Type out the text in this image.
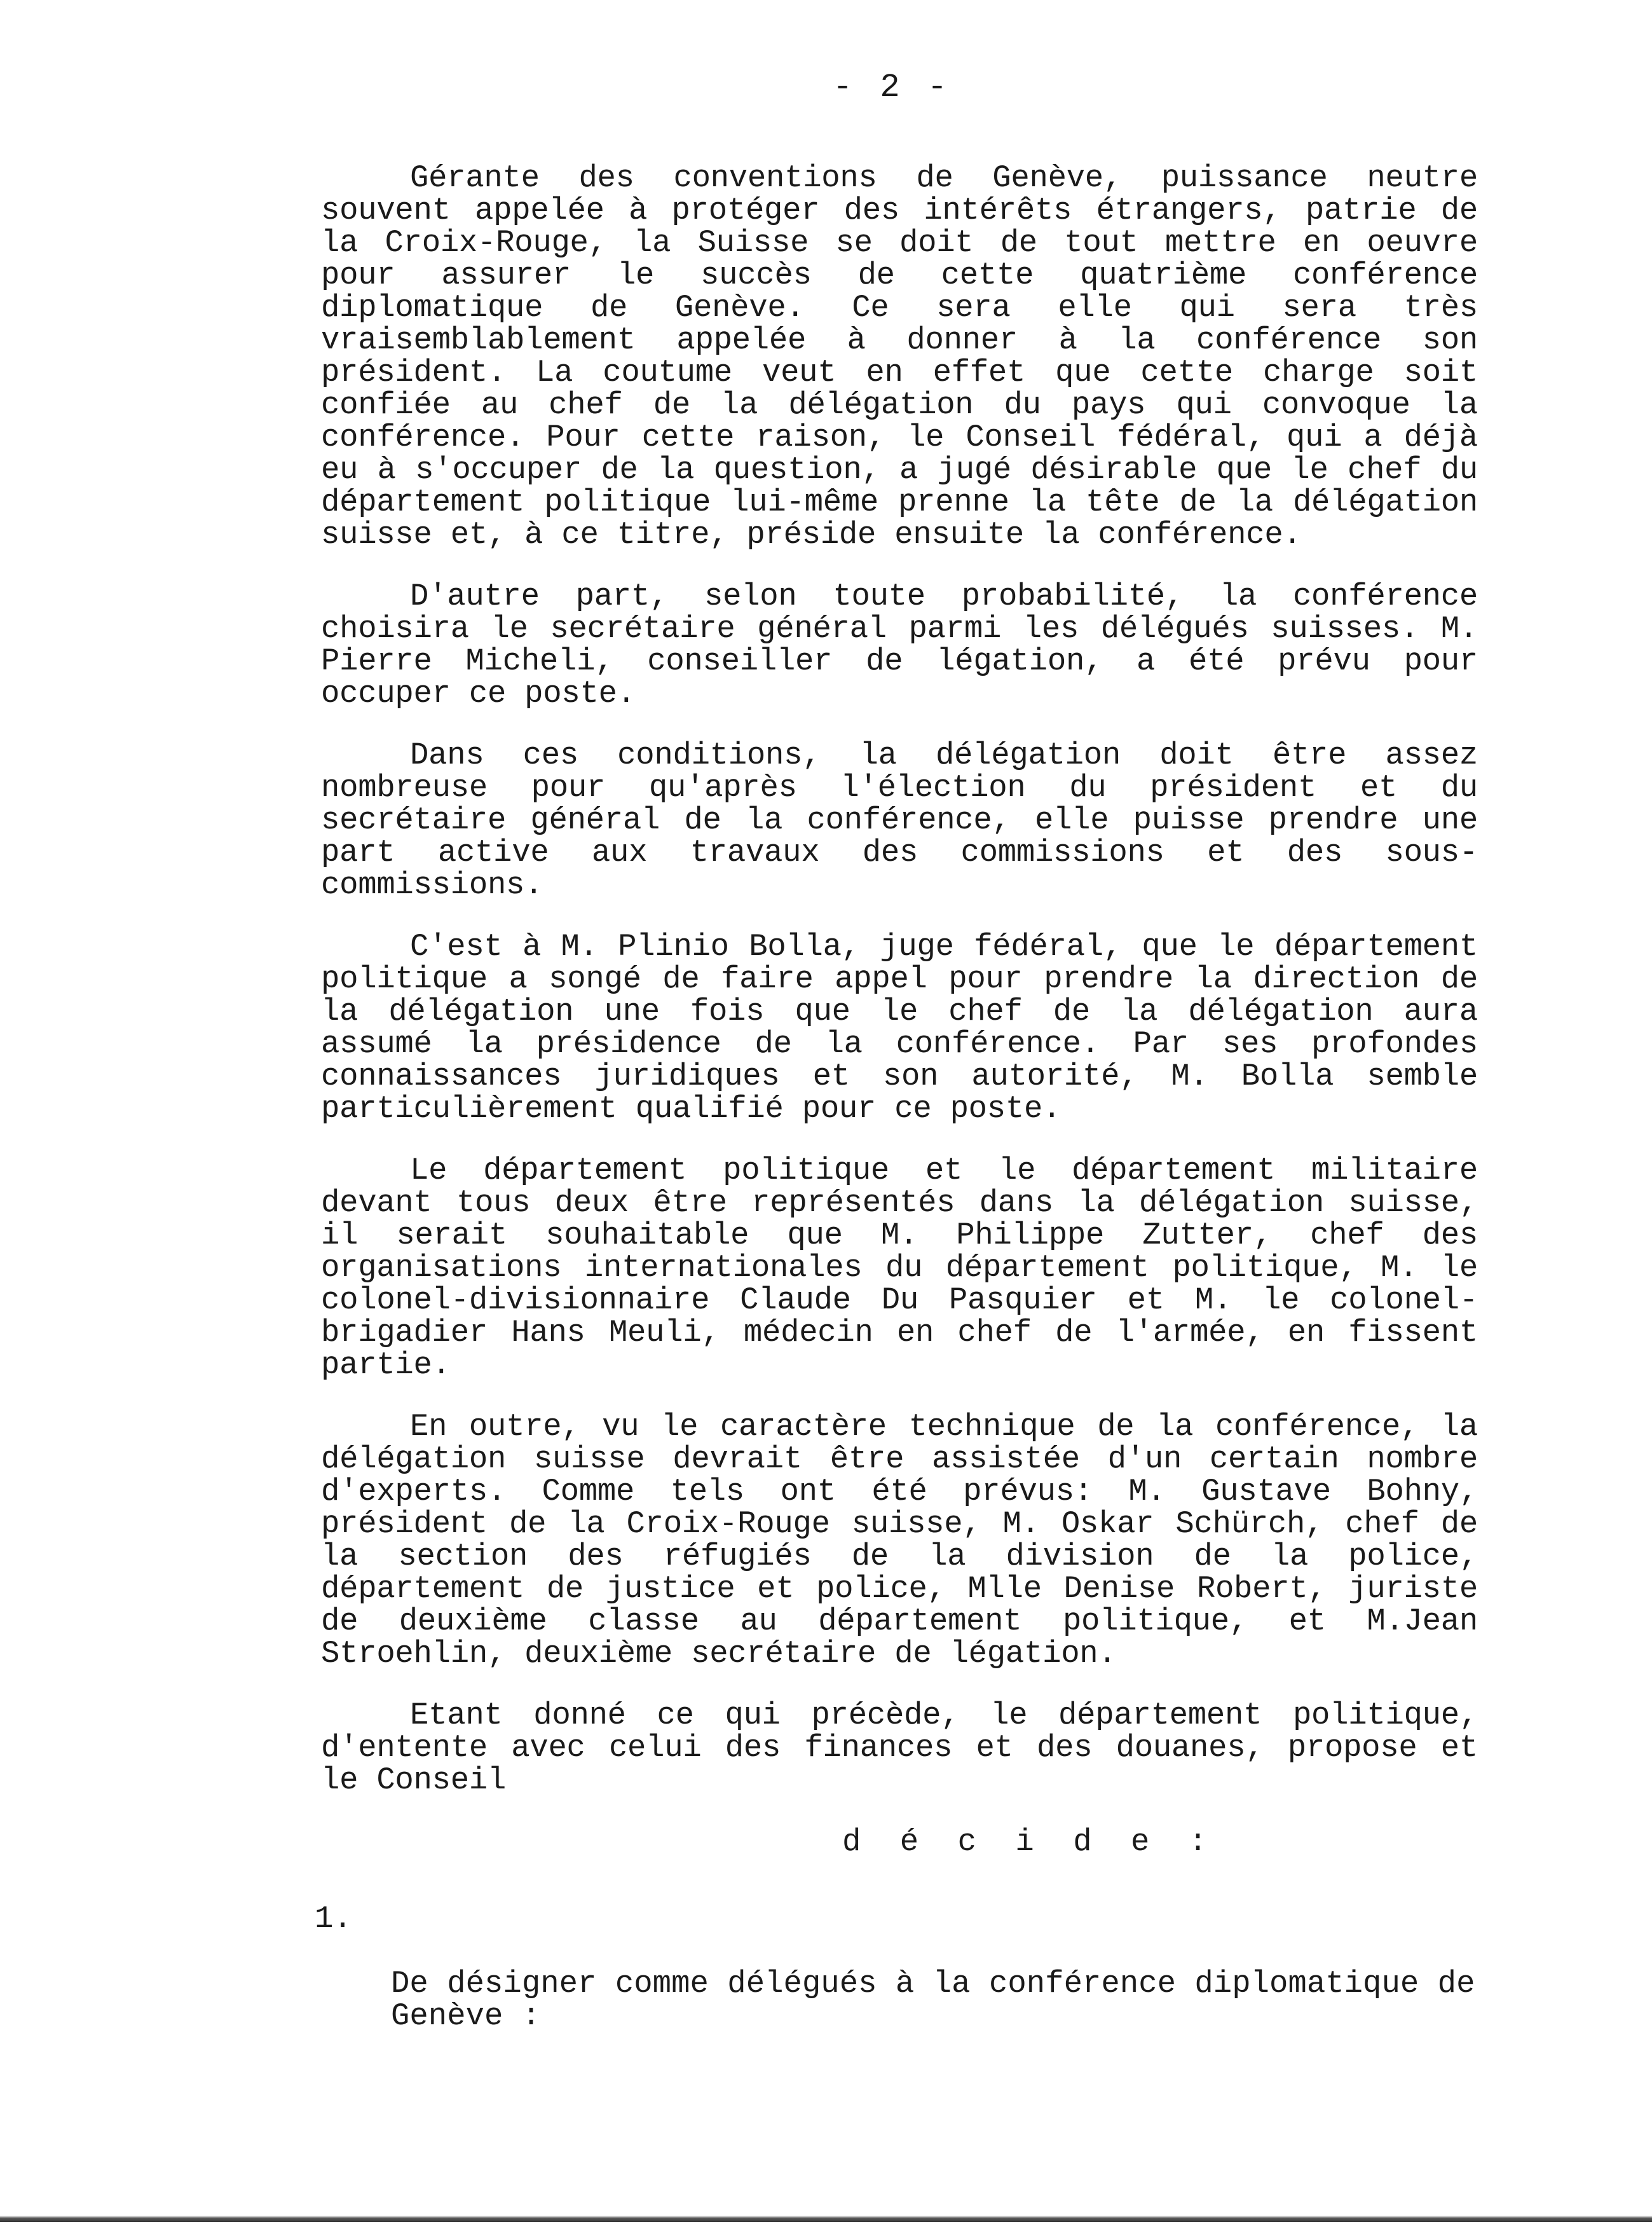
- 2 -

Gérante des conventions de Genève, puissance neutre souvent appelée à protéger des intérêts étrangers, patrie de la Croix-Rouge, la Suisse se doit de tout mettre en oeuvre pour assurer le succès de cette quatrième conférence diplomatique de Genève. Ce sera elle qui sera très vraisemblablement appelée à donner à la conférence son président. La coutume veut en effet que cette charge soit confiée au chef de la délégation du pays qui convoque la conférence. Pour cette raison, le Conseil fédéral, qui a déjà eu à s'occuper de la question, a jugé désirable que le chef du département politique lui-même prenne la tête de la délégation suisse et, à ce titre, préside ensuite la conférence.

D'autre part, selon toute probabilité, la conférence choisira le secrétaire général parmi les délégués suisses. M. Pierre Micheli, conseiller de légation, a été prévu pour occuper ce poste.

Dans ces conditions, la délégation doit être assez nombreuse pour qu'après l'élection du président et du secrétaire général de la conférence, elle puisse prendre une part active aux travaux des commissions et des sous-commissions.

C'est à M. Plinio Bolla, juge fédéral, que le département politique a songé de faire appel pour prendre la direction de la délégation une fois que le chef de la délégation aura assumé la présidence de la conférence. Par ses profondes connaissances juridiques et son autorité, M. Bolla semble particulièrement qualifié pour ce poste.

Le département politique et le département militaire devant tous deux être représentés dans la délégation suisse, il serait souhaitable que M. Philippe Zutter, chef des organisations internationales du département politique, M. le colonel-divisionnaire Claude Du Pasquier et M. le colonel-brigadier Hans Meuli, médecin en chef de l'armée, en fissent partie.

En outre, vu le caractère technique de la conférence, la délégation suisse devrait être assistée d'un certain nombre d'experts. Comme tels ont été prévus: M. Gustave Bohny, président de la Croix-Rouge suisse, M. Oskar Schürch, chef de la section des réfugiés de la division de la police, département de justice et police, Mlle Denise Robert, juriste de deuxième classe au département politique, et M.Jean Stroehlin, deuxième secrétaire de légation.

Etant donné ce qui précède, le département politique, d'entente avec celui des finances et des douanes, propose et le Conseil

d é c i d e :

1.

De désigner comme délégués à la conférence diplomatique de Genève :
